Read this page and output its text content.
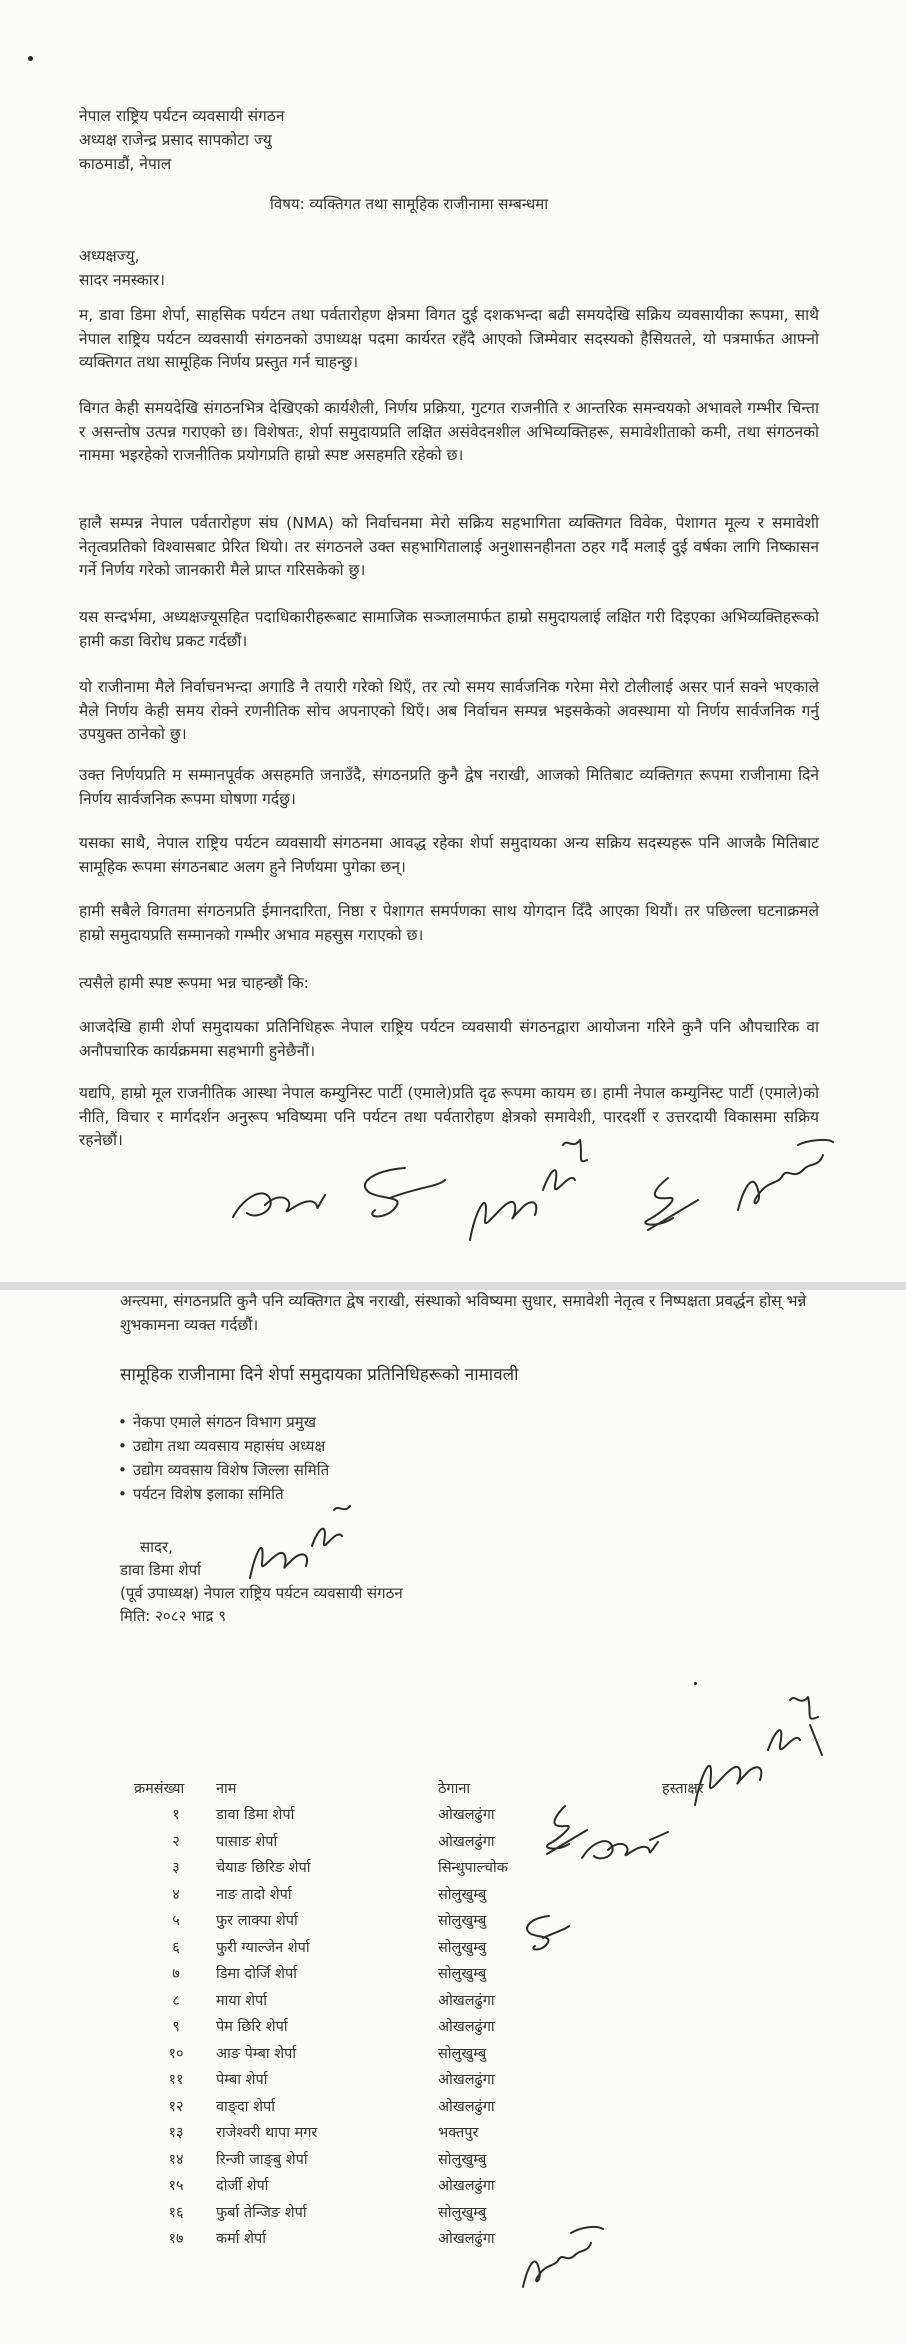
नेपाल राष्ट्रिय पर्यटन व्यवसायी संगठन
अध्यक्ष राजेन्द्र प्रसाद सापकोटा ज्यु
काठमाडौं, नेपाल
विषय: व्यक्तिगत तथा सामूहिक राजीनामा सम्बन्धमा
अध्यक्षज्यु,
सादर नमस्कार।
म, डावा डिमा शेर्पा, साहसिक पर्यटन तथा पर्वतारोहण क्षेत्रमा विगत दुई दशकभन्दा बढी समयदेखि सक्रिय व्यवसायीका रूपमा, साथै नेपाल राष्ट्रिय पर्यटन व्यवसायी संगठनको उपाध्यक्ष पदमा कार्यरत रहँदै आएको जिम्मेवार सदस्यको हैसियतले, यो पत्रमार्फत आफ्नो व्यक्तिगत तथा सामूहिक निर्णय प्रस्तुत गर्न चाहन्छु।
विगत केही समयदेखि संगठनभित्र देखिएको कार्यशैली, निर्णय प्रक्रिया, गुटगत राजनीति र आन्तरिक समन्वयको अभावले गम्भीर चिन्ता र असन्तोष उत्पन्न गराएको छ। विशेषतः, शेर्पा समुदायप्रति लक्षित असंवेदनशील अभिव्यक्तिहरू, समावेशीताको कमी, तथा संगठनको नाममा भइरहेको राजनीतिक प्रयोगप्रति हाम्रो स्पष्ट असहमति रहेको छ।
हालै सम्पन्न नेपाल पर्वतारोहण संघ (NMA) को निर्वाचनमा मेरो सक्रिय सहभागिता व्यक्तिगत विवेक, पेशागत मूल्य र समावेशी नेतृत्वप्रतिको विश्वासबाट प्रेरित थियो। तर संगठनले उक्त सहभागितालाई अनुशासनहीनता ठहर गर्दै मलाई दुई वर्षका लागि निष्कासन गर्ने निर्णय गरेको जानकारी मैले प्राप्त गरिसकेको छु।
यस सन्दर्भमा, अध्यक्षज्यूसहित पदाधिकारीहरूबाट सामाजिक सञ्जालमार्फत हाम्रो समुदायलाई लक्षित गरी दिइएका अभिव्यक्तिहरूको हामी कडा विरोध प्रकट गर्दछौं।
यो राजीनामा मैले निर्वाचनभन्दा अगाडि नै तयारी गरेको थिएँ, तर त्यो समय सार्वजनिक गरेमा मेरो टोलीलाई असर पार्न सक्ने भएकाले मैले निर्णय केही समय रोक्ने रणनीतिक सोच अपनाएको थिएँ। अब निर्वाचन सम्पन्न भइसकेको अवस्थामा यो निर्णय सार्वजनिक गर्नु उपयुक्त ठानेको छु।
उक्त निर्णयप्रति म सम्मानपूर्वक असहमति जनाउँदै, संगठनप्रति कुनै द्वेष नराखी, आजको मितिबाट व्यक्तिगत रूपमा राजीनामा दिने निर्णय सार्वजनिक रूपमा घोषणा गर्दछु।
यसका साथै, नेपाल राष्ट्रिय पर्यटन व्यवसायी संगठनमा आवद्ध रहेका शेर्पा समुदायका अन्य सक्रिय सदस्यहरू पनि आजकै मितिबाट सामूहिक रूपमा संगठनबाट अलग हुने निर्णयमा पुगेका छन्।
हामी सबैले विगतमा संगठनप्रति ईमानदारिता, निष्ठा र पेशागत समर्पणका साथ योगदान दिँदै आएका थियौं। तर पछिल्ला घटनाक्रमले हाम्रो समुदायप्रति सम्मानको गम्भीर अभाव महसुस गराएको छ।
त्यसैले हामी स्पष्ट रूपमा भन्न चाहन्छौं कि:
आजदेखि हामी शेर्पा समुदायका प्रतिनिधिहरू नेपाल राष्ट्रिय पर्यटन व्यवसायी संगठनद्वारा आयोजना गरिने कुनै पनि औपचारिक वा अनौपचारिक कार्यक्रममा सहभागी हुनेछैनौं।
यद्यपि, हाम्रो मूल राजनीतिक आस्था नेपाल कम्युनिस्ट पार्टी (एमाले)प्रति दृढ रूपमा कायम छ। हामी नेपाल कम्युनिस्ट पार्टी (एमाले)को नीति, विचार र मार्गदर्शन अनुरूप भविष्यमा पनि पर्यटन तथा पर्वतारोहण क्षेत्रको समावेशी, पारदर्शी र उत्तरदायी विकासमा सक्रिय रहनेछौं।
अन्त्यमा, संगठनप्रति कुनै पनि व्यक्तिगत द्वेष नराखी, संस्थाको भविष्यमा सुधार, समावेशी नेतृत्व र निष्पक्षता प्रवर्द्धन होस् भन्ने शुभकामना व्यक्त गर्दछौं।
सामूहिक राजीनामा दिने शेर्पा समुदायका प्रतिनिधिहरूको नामावली
• नेकपा एमाले संगठन विभाग प्रमुख
• उद्योग तथा व्यवसाय महासंघ अध्यक्ष
• उद्योग व्यवसाय विशेष जिल्ला समिति
• पर्यटन विशेष इलाका समिति
सादर,
डावा डिमा शेर्पा
(पूर्व उपाध्यक्ष) नेपाल राष्ट्रिय पर्यटन व्यवसायी संगठन
मिति: २०८२ भाद्र ९
क्रमसंख्या नाम	ठेगाना	हस्ताक्षर
१	डावा डिमा शेर्पा	ओखलढुंगा
२	पासाङ शेर्पा	ओखलढुंगा
३	चेयाङ छिरिङ शेर्पा	सिन्धुपाल्चोक
४	नाङ तादो शेर्पा	सोलुखुम्बु
५	फुर लाक्पा शेर्पा	सोलुखुम्बु
६	फुरी ग्याल्जेन शेर्पा	सोलुखुम्बु
७	डिमा दोर्जि शेर्पा	सोलुखुम्बु
८	माया शेर्पा	ओखलढुंगा
९	पेम छिरि शेर्पा	ओखलढुंगा
१० आङ पेम्बा शेर्पा	सोलुखुम्बु
११ पेम्बा शेर्पा	ओखलढुंगा
१२ वाङ्दा शेर्पा	ओखलढुंगा
१३ राजेश्वरी थापा मगर	भक्तपुर
१४ रिन्जी जाङ्बु शेर्पा	सोलुखुम्बु
१५ दोर्जी शेर्पा	ओखलढुंगा
१६ फुर्बा तेन्जिङ शेर्पा	सोलुखुम्बु
१७ कर्मा शेर्पा	ओखलढुंगा
